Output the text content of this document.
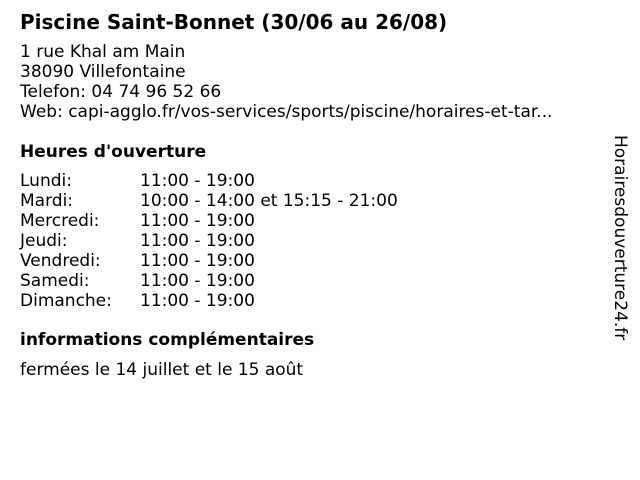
Piscine Saint-Bonnet (30/06 au 26/08)
1 rue Khal am Main
38090 Villefontaine
Telefon: 04 74 96 52 66
Web: capi-agglo.fr/vos-services/sports/piscine/horaires-et-tar...
Heures d'ouverture
Lundi:	11:00 - 19:00
Mardi:	10:00 - 14:00 et 15:15 - 21:00
Mercredi:	11:00 - 19:00
Jeudi:	11:00 - 19:00
Vendredi:	11:00 - 19:00
Samedi:	11:00 - 19:00
Dimanche:	11:00 - 19:00
informations complémentaires
fermées le 14 juillet et le 15 août
Horairesdouverture24.fr
